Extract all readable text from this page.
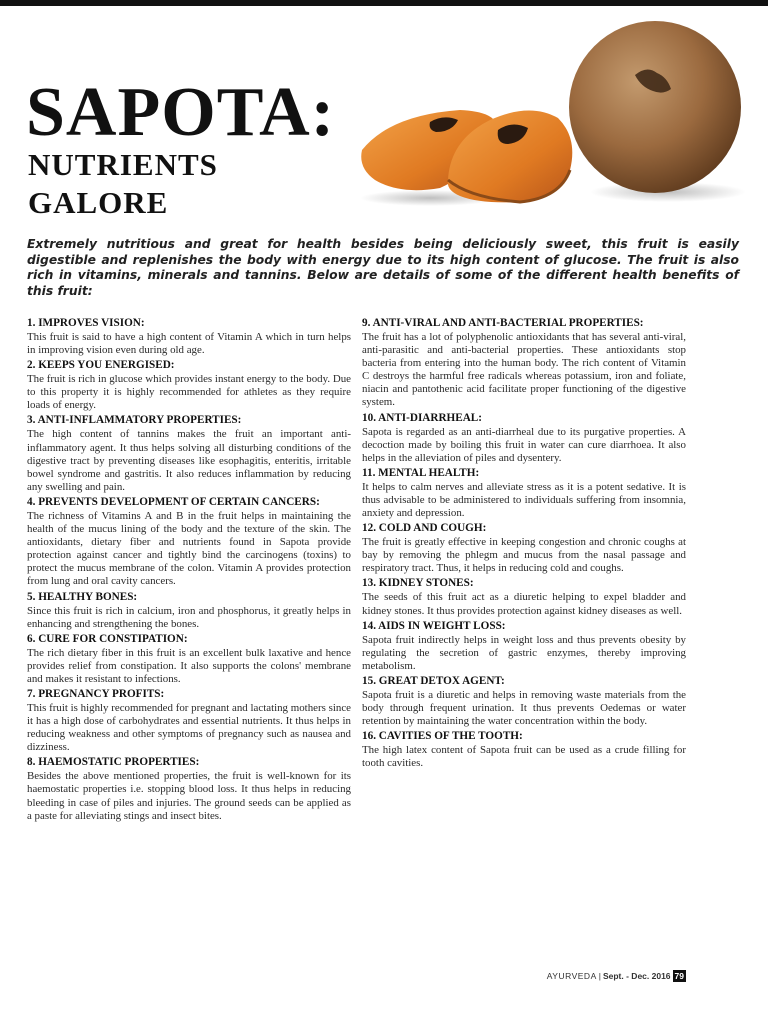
SAPOTA:
NUTRIENTS
GALORE

Extremely nutritious and great for health besides being deliciously sweet, this fruit is easily digestible and replenishes the body with energy due to its high content of glucose. The fruit is also rich in vitamins, minerals and tannins. Below are details of some of the different health benefits of this fruit:

1. IMPROVES VISION:

This fruit is said to have a high content of Vitamin A which in turn helps in improving vision even during old age.

2. KEEPS YOU ENERGISED:

The fruit is rich in glucose which provides instant energy to the body. Due to this property it is highly recommended for athletes as they require loads of energy.

3. ANTI-INFLAMMATORY PROPERTIES:

The high content of tannins makes the fruit an important anti-inflammatory agent. It thus helps solving all disturbing conditions of the digestive tract by preventing diseases like esophagitis, enteritis, irritable bowel syndrome and gastritis. It also reduces inflammation by reducing any swelling and pain.

4. PREVENTS DEVELOPMENT OF CERTAIN CANCERS:

The richness of Vitamins A and B in the fruit helps in maintaining the health of the mucus lining of the body and the texture of the skin. The antioxidants, dietary fiber and nutrients found in Sapota provide protection against cancer and tightly bind the carcinogens (toxins) to protect the mucus membrane of the colon. Vitamin A provides protection from lung and oral cavity cancers.

5. HEALTHY BONES:

Since this fruit is rich in calcium, iron and phosphorus, it greatly helps in enhancing and strengthening the bones.

6. CURE FOR CONSTIPATION:

The rich dietary fiber in this fruit is an excellent bulk laxative and hence provides relief from constipation. It also supports the colons' membrane and makes it resistant to infections.

7. PREGNANCY PROFITS:

This fruit is highly recommended for pregnant and lactating mothers since it has a high dose of carbohydrates and essential nutrients. It thus helps in reducing weakness and other symptoms of pregnancy such as nausea and dizziness.

8. HAEMOSTATIC PROPERTIES:

Besides the above mentioned properties, the fruit is well-known for its haemostatic properties i.e. stopping blood loss. It thus helps in reducing bleeding in case of piles and injuries. The ground seeds can be applied as a paste for alleviating stings and insect bites.

9. ANTI-VIRAL AND ANTI-BACTERIAL PROPERTIES:

The fruit has a lot of polyphenolic antioxidants that has several anti-viral, anti-parasitic and anti-bacterial properties. These antioxidants stop bacteria from entering into the human body. The rich content of Vitamin C destroys the harmful free radicals whereas potassium, iron and foliate, niacin and pantothenic acid facilitate proper functioning of the digestive system.

10. ANTI-DIARRHEAL:

Sapota is regarded as an anti-diarrheal due to its purgative properties. A decoction made by boiling this fruit in water can cure diarrhoea. It also helps in the alleviation of piles and dysentery.

11. MENTAL HEALTH:

It helps to calm nerves and alleviate stress as it is a potent sedative. It is thus advisable to be administered to individuals suffering from insomnia, anxiety and depression.

12. COLD AND COUGH:

The fruit is greatly effective in keeping congestion and chronic coughs at bay by removing the phlegm and mucus from the nasal passage and respiratory tract. Thus, it helps in reducing cold and coughs.

13. KIDNEY STONES:

The seeds of this fruit act as a diuretic helping to expel bladder and kidney stones. It thus provides protection against kidney diseases as well.

14. AIDS IN WEIGHT LOSS:

Sapota fruit indirectly helps in weight loss and thus prevents obesity by regulating the secretion of gastric enzymes, thereby improving metabolism.

15. GREAT DETOX AGENT:

Sapota fruit is a diuretic and helps in removing waste materials from the body through frequent urination. It thus prevents Oedemas or water retention by maintaining the water concentration within the body.

16. CAVITIES OF THE TOOTH:

The high latex content of Sapota fruit can be used as a crude filling for tooth cavities.

AYURVEDA | Sept. - Dec. 2016 79
